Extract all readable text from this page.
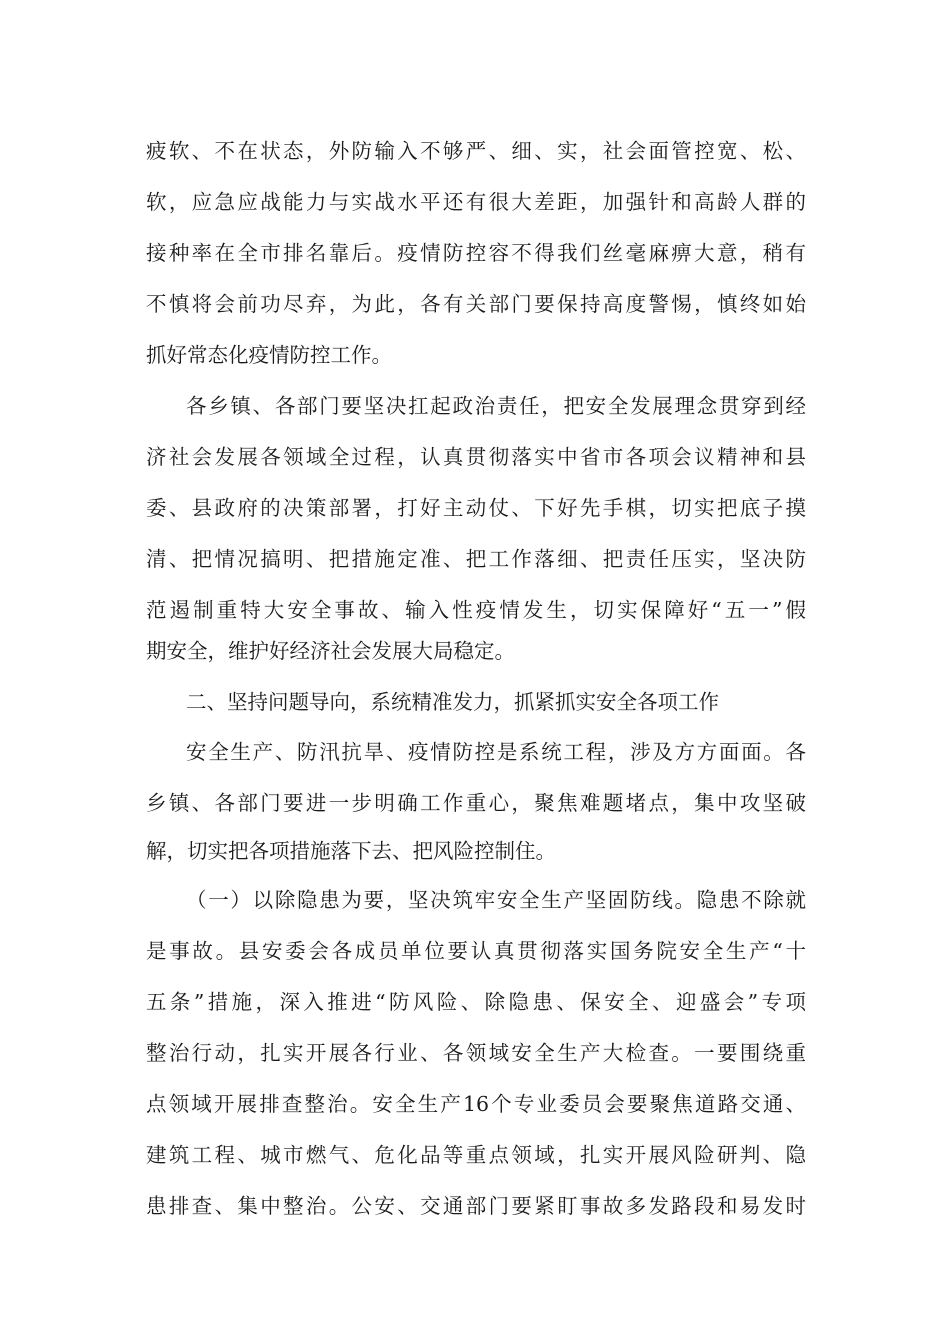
疲软、不在状态，外防输入不够严、细、实，社会面管控宽、松、
软，应急应战能力与实战水平还有很大差距，加强针和高龄人群的
接种率在全市排名靠后。疫情防控容不得我们丝毫麻痹大意，稍有
不慎将会前功尽弃，为此，各有关部门要保持高度警惕，慎终如始
抓好常态化疫情防控工作。
各乡镇、各部门要坚决扛起政治责任，把安全发展理念贯穿到经
济社会发展各领域全过程，认真贯彻落实中省市各项会议精神和县
委、县政府的决策部署，打好主动仗、下好先手棋，切实把底子摸
清、把情况搞明、把措施定准、把工作落细、把责任压实，坚决防
范遏制重特大安全事故、输入性疫情发生，切实保障好“五一”假
期安全，维护好经济社会发展大局稳定。
二、坚持问题导向，系统精准发力，抓紧抓实安全各项工作
安全生产、防汛抗旱、疫情防控是系统工程，涉及方方面面。各
乡镇、各部门要进一步明确工作重心，聚焦难题堵点，集中攻坚破
解，切实把各项措施落下去、把风险控制住。
（一）以除隐患为要，坚决筑牢安全生产坚固防线。隐患不除就
是事故。县安委会各成员单位要认真贯彻落实国务院安全生产“十
五条”措施，深入推进“防风险、除隐患、保安全、迎盛会”专项
整治行动，扎实开展各行业、各领域安全生产大检查。一要围绕重
点领域开展排查整治。安全生产16个专业委员会要聚焦道路交通、
建筑工程、城市燃气、危化品等重点领域，扎实开展风险研判、隐
患排查、集中整治。公安、交通部门要紧盯事故多发路段和易发时
